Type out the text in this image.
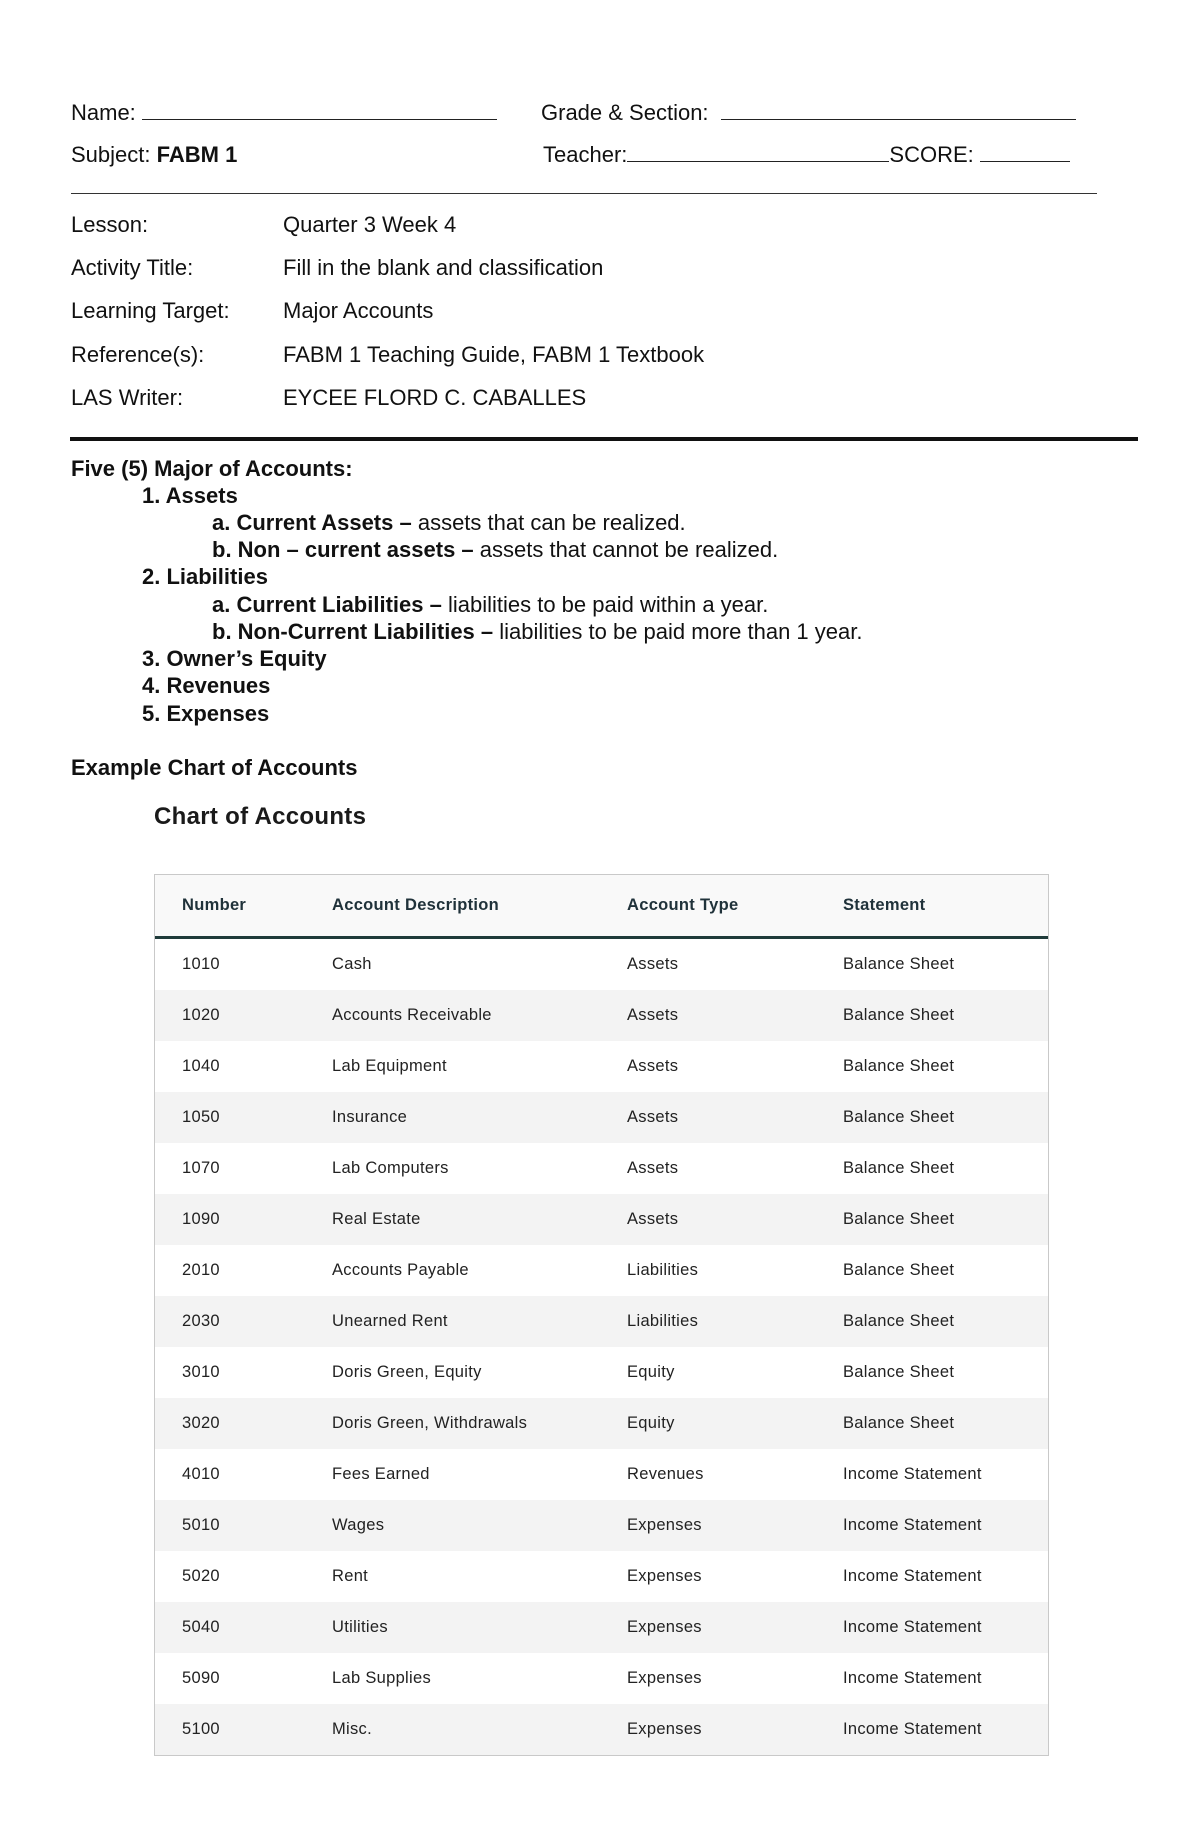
Name:	Grade & Section:
Subject: FABM 1	Teacher:	SCORE:
Lesson:	Quarter 3 Week 4
Activity Title:	Fill in the blank and classification
Learning Target: Major Accounts
Reference(s):	FABM 1 Teaching Guide, FABM 1 Textbook
LAS Writer:	EYCEE FLORD C. CABALLES
Five (5) Major of Accounts:
1. Assets
a. Current Assets – assets that can be realized.
b. Non – current assets – assets that cannot be realized.
2. Liabilities
a. Current Liabilities – liabilities to be paid within a year.
b. Non-Current Liabilities – liabilities to be paid more than 1 year.
3. Owner’s Equity
4. Revenues
5. Expenses
Example Chart of Accounts
Chart of Accounts
Number	Account Description	Account Type	Statement
1010	Cash	Assets	Balance Sheet
1020	Accounts Receivable	Assets	Balance Sheet
1040	Lab Equipment	Assets	Balance Sheet
1050	Insurance	Assets	Balance Sheet
1070	Lab Computers	Assets	Balance Sheet
1090	Real Estate	Assets	Balance Sheet
2010	Accounts Payable	Liabilities	Balance Sheet
2030	Unearned Rent	Liabilities	Balance Sheet
3010	Doris Green, Equity	Equity	Balance Sheet
3020	Doris Green, Withdrawals	Equity	Balance Sheet
4010	Fees Earned	Revenues	Income Statement
5010	Wages	Expenses	Income Statement
5020	Rent	Expenses	Income Statement
5040	Utilities	Expenses	Income Statement
5090	Lab Supplies	Expenses	Income Statement
5100	Misc.	Expenses	Income Statement
